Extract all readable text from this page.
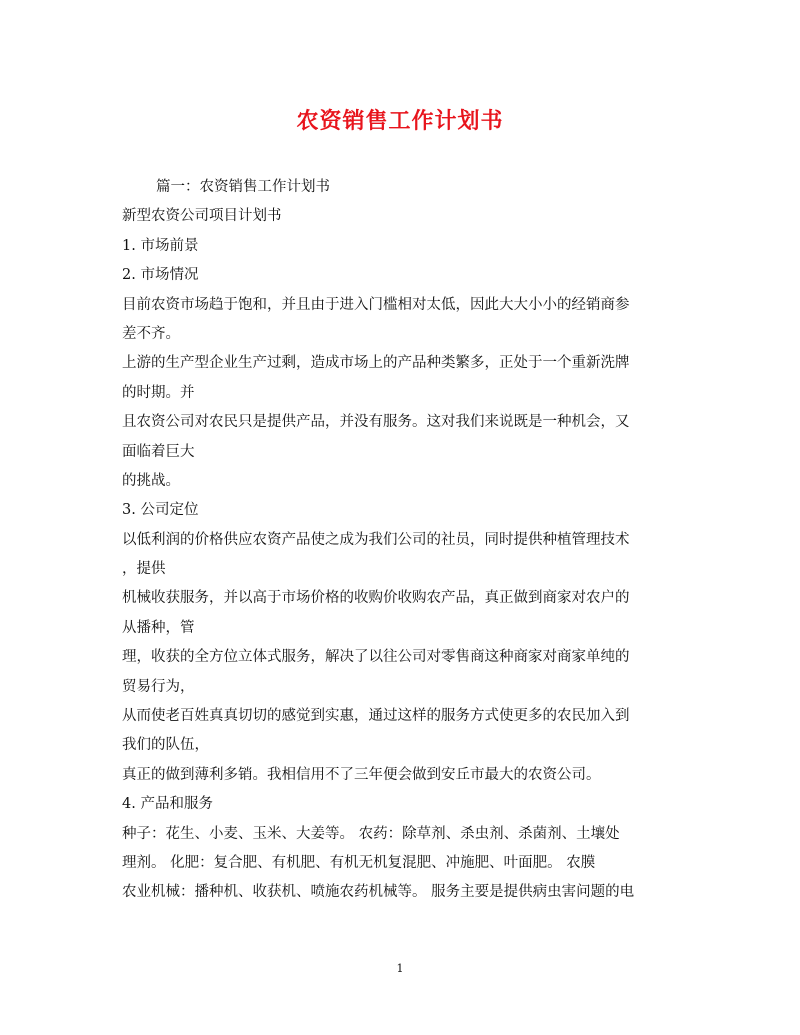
农资销售工作计划书
篇一：农资销售工作计划书
新型农资公司项目计划书
1. 市场前景
2. 市场情况
目前农资市场趋于饱和，并且由于进入门槛相对太低，因此大大小小的经销商参
差不齐。
上游的生产型企业生产过剩，造成市场上的产品种类繁多，正处于一个重新洗牌
的时期。并
且农资公司对农民只是提供产品，并没有服务。这对我们来说既是一种机会，又
面临着巨大
的挑战。
3. 公司定位
以低利润的价格供应农资产品使之成为我们公司的社员，同时提供种植管理技术
，提供
机械收获服务，并以高于市场价格的收购价收购农产品，真正做到商家对农户的
从播种，管
理，收获的全方位立体式服务，解决了以往公司对零售商这种商家对商家单纯的
贸易行为，
从而使老百姓真真切切的感觉到实惠，通过这样的服务方式使更多的农民加入到
我们的队伍，
真正的做到薄利多销。我相信用不了三年便会做到安丘市最大的农资公司。
4. 产品和服务
种子：花生、小麦、玉米、大姜等。 农药：除草剂、杀虫剂、杀菌剂、土壤处
理剂。 化肥：复合肥、有机肥、有机无机复混肥、冲施肥、叶面肥。 农膜
农业机械：播种机、收获机、喷施农药机械等。 服务主要是提供病虫害问题的电
1
